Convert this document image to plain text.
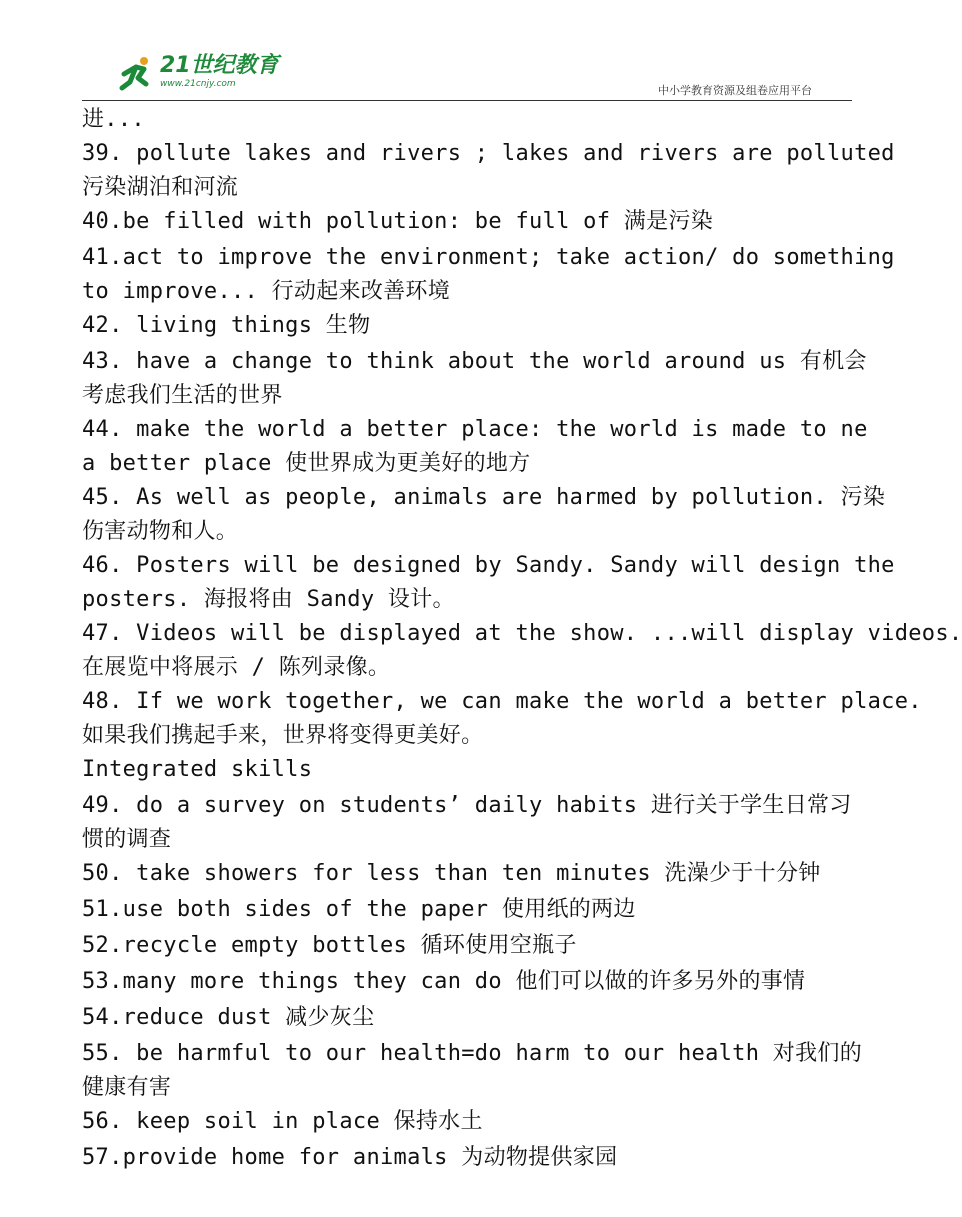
21世纪教育
www.21cnjy.com	中小学教育资源及组卷应用平台
进...
39. pollute lakes and rivers ; lakes and rivers are polluted
污染湖泊和河流
40.be filled with pollution: be full of 满是污染
41.act to improve the environment; take action/ do something
to improve... 行动起来改善环境
42. living things 生物
43. have a change to think about the world around us 有机会
考虑我们生活的世界
44. make the world a better place: the world is made to ne
a better place 使世界成为更美好的地方
45. As well as people, animals are harmed by pollution. 污染
伤害动物和人。
46. Posters will be designed by Sandy. Sandy will design the
posters. 海报将由 Sandy 设计。
47. Videos will be displayed at the show. ...will display videos.
在展览中将展示 / 陈列录像。
48. If we work together, we can make the world a better place.
如果我们携起手来，世界将变得更美好。
Integrated skills
49. do a survey on students’ daily habits 进行关于学生日常习
惯的调查
50. take showers for less than ten minutes 洗澡少于十分钟
51.use both sides of the paper 使用纸的两边
52.recycle empty bottles 循环使用空瓶子
53.many more things they can do 他们可以做的许多另外的事情
54.reduce dust 减少灰尘
55. be harmful to our health=do harm to our health 对我们的
健康有害
56. keep soil in place 保持水土
57.provide home for animals 为动物提供家园
